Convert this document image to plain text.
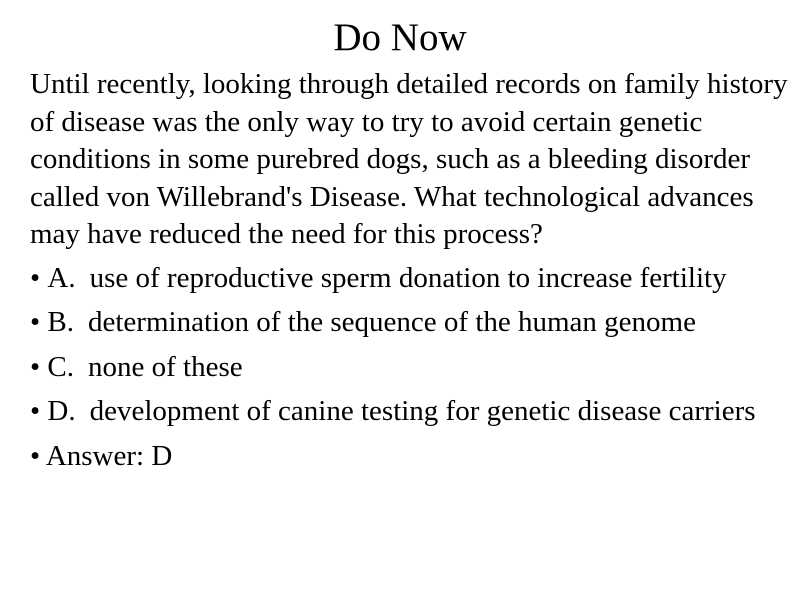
Do Now
Until recently, looking through detailed records on family history of disease was the only way to try to avoid certain genetic conditions in some purebred dogs, such as a bleeding disorder called von Willebrand's Disease. What technological advances may have reduced the need for this process?
• A. use of reproductive sperm donation to increase fertility
• B. determination of the sequence of the human genome
• C. none of these
• D. development of canine testing for genetic disease carriers
• Answer: D
